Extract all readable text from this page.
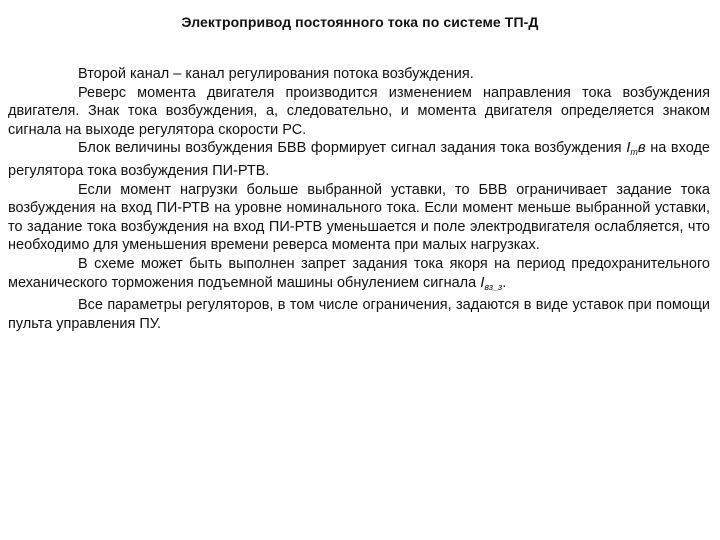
Электропривод постоянного тока по системе ТП-Д

Второй канал – канал регулирования потока возбуждения.

Реверс момента двигателя производится изменением направления тока возбуждения двигателя. Знак тока возбуждения, а, следовательно, и момента двигателя определяется знаком сигнала на выходе регулятора скорости РС.

Блок величины возбуждения БВВ формирует сигнал задания тока возбуждения $I_тв$ на входе регулятора тока возбуждения ПИ-РТВ.

Если момент нагрузки больше выбранной уставки, то БВВ ограничивает задание тока возбуждения на вход ПИ-РТВ на уровне номинального тока. Если момент меньше выбранной уставки, то задание тока возбуждения на вход ПИ-РТВ уменьшается и поле электродвигателя ослабляется, что необходимо для уменьшения времени реверса момента при малых нагрузках.

В схеме может быть выполнен запрет задания тока якоря на период предохранительного механического торможения подъемной машины обнулением сигнала $I_{вз\_з}$.

Все параметры регуляторов, в том числе ограничения, задаются в виде уставок при помощи пульта управления ПУ.
